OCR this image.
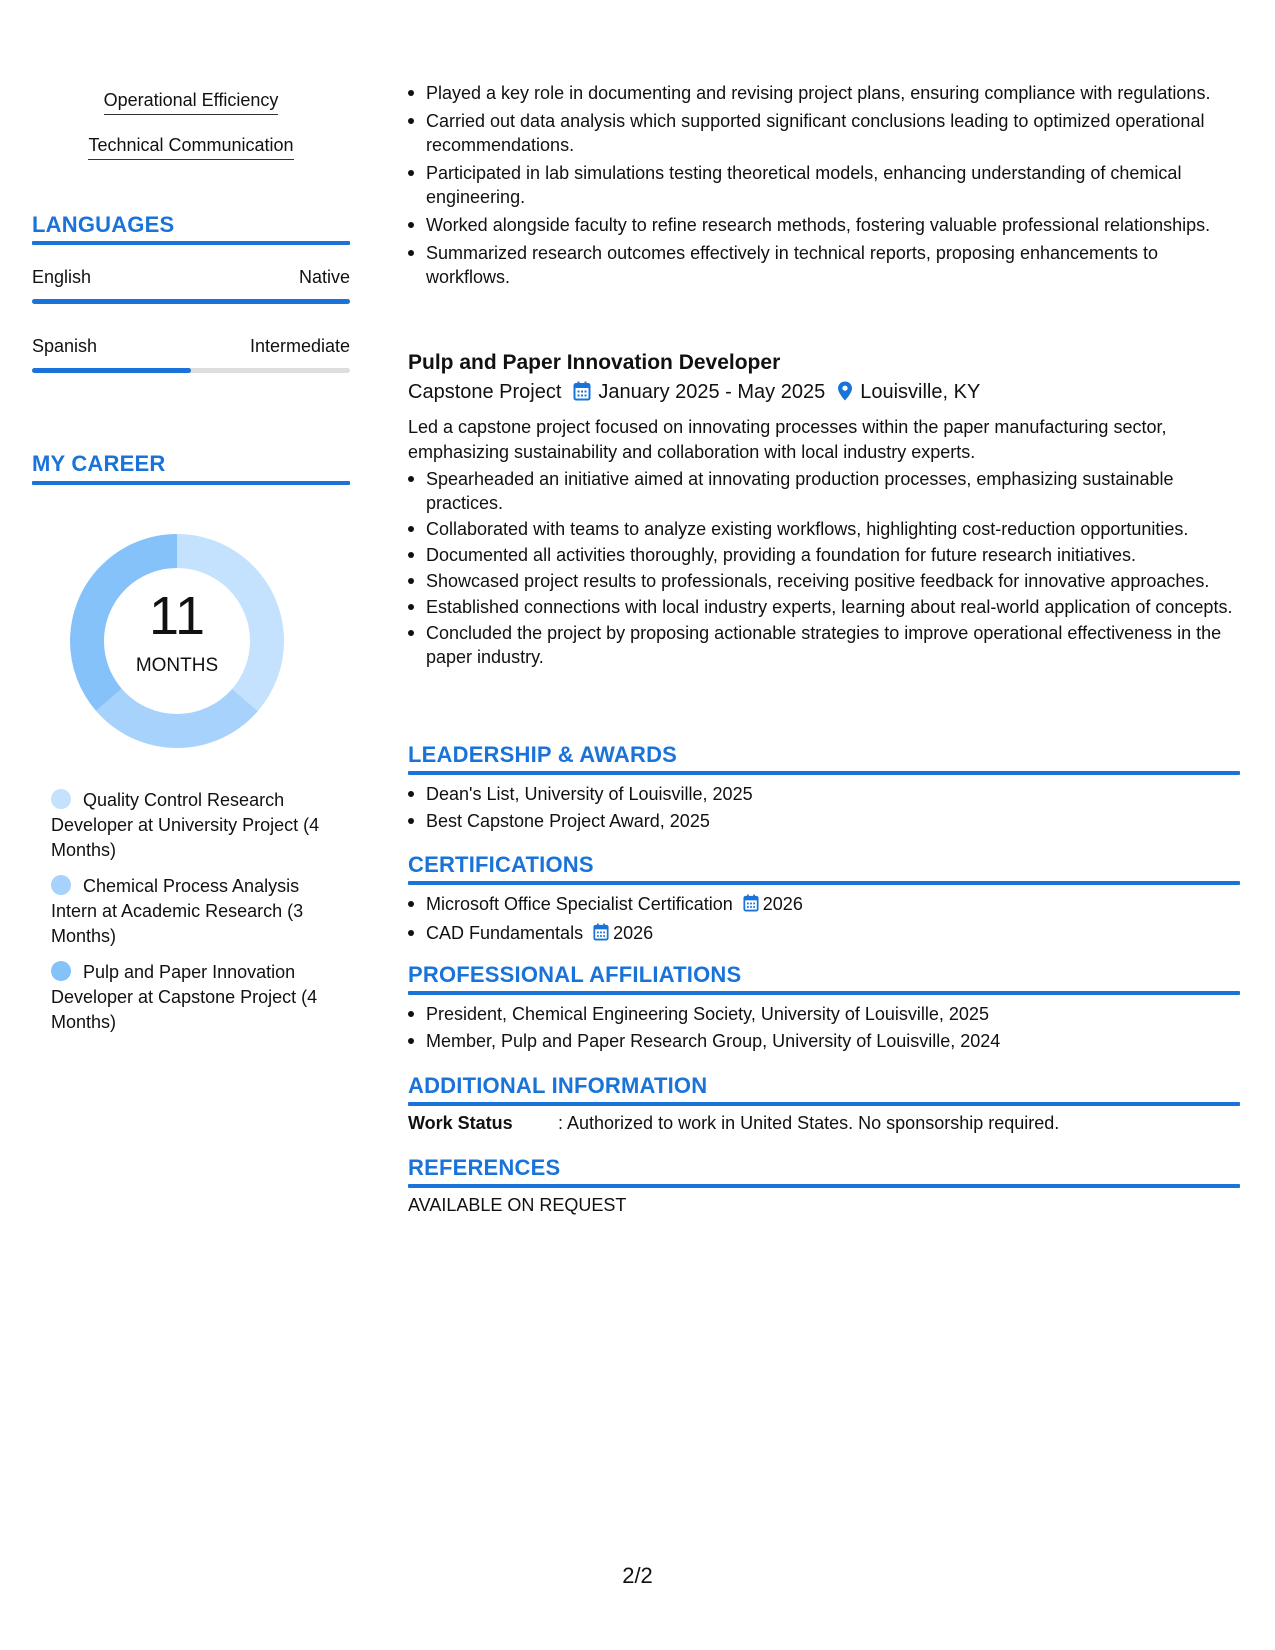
Operational Efficiency
Technical Communication
LANGUAGES
English	Native
Spanish	Intermediate
MY CAREER
11
MONTHS
Quality Control Research Developer at University Project (4 Months)
Chemical Process Analysis Intern at Academic Research (3 Months)
Pulp and Paper Innovation Developer at Capstone Project (4 Months)
Played a key role in documenting and revising project plans, ensuring compliance with regulations.
Carried out data analysis which supported significant conclusions leading to optimized operational recommendations.
Participated in lab simulations testing theoretical models, enhancing understanding of chemical engineering.
Worked alongside faculty to refine research methods, fostering valuable professional relationships.
Summarized research outcomes effectively in technical reports, proposing enhancements to workflows.
Pulp and Paper Innovation Developer
Capstone Project January 2025 - May 2025 Louisville, KY
Led a capstone project focused on innovating processes within the paper manufacturing sector, emphasizing sustainability and collaboration with local industry experts.
Spearheaded an initiative aimed at innovating production processes, emphasizing sustainable practices.
Collaborated with teams to analyze existing workflows, highlighting cost-reduction opportunities.
Documented all activities thoroughly, providing a foundation for future research initiatives.
Showcased project results to professionals, receiving positive feedback for innovative approaches.
Established connections with local industry experts, learning about real-world application of concepts.
Concluded the project by proposing actionable strategies to improve operational effectiveness in the paper industry.
LEADERSHIP & AWARDS
Dean's List, University of Louisville, 2025
Best Capstone Project Award, 2025
CERTIFICATIONS
Microsoft Office Specialist Certification 2026
CAD Fundamentals 2026
PROFESSIONAL AFFILIATIONS
President, Chemical Engineering Society, University of Louisville, 2025
Member, Pulp and Paper Research Group, University of Louisville, 2024
ADDITIONAL INFORMATION
Work Status	: Authorized to work in United States. No sponsorship required.
REFERENCES
AVAILABLE ON REQUEST
2/2
